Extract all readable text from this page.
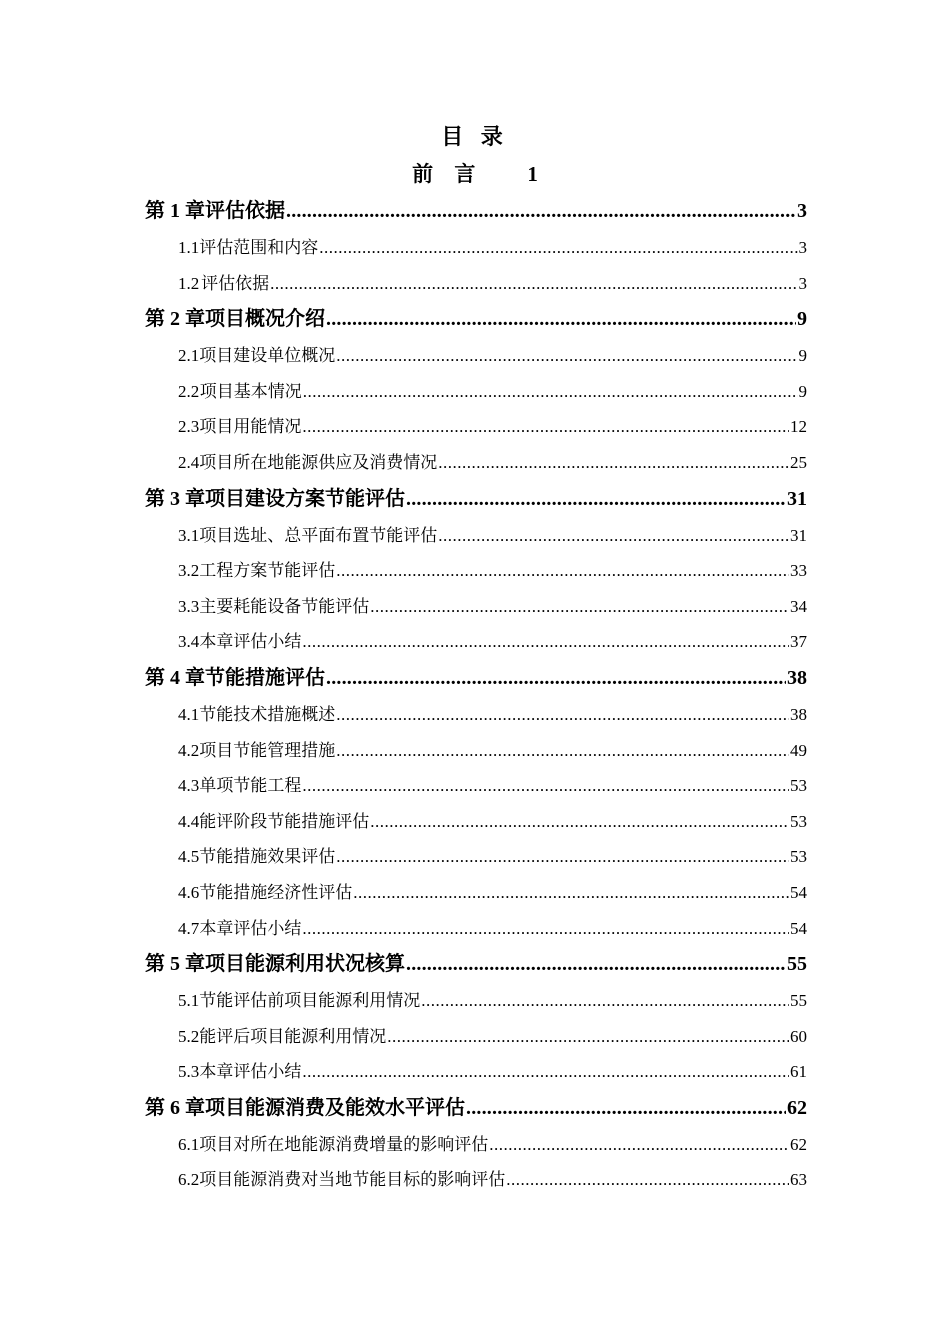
目 录
前 言 1
第 1 章 评估依据 .....	3
1.1 评估范围和内容 .....	3
1.2 评估依据 .....	3
第 2 章 项目概况介绍 .....	9
2.1 项目建设单位概况 .....	9
2.2 项目基本情况 .....	9
2.3 项目用能情况 .....	12
2.4 项目所在地能源供应及消费情况 .....	25
第 3 章 项目建设方案节能评估 .....	31
3.1 项目选址、总平面布置节能评估 .....	31
3.2 工程方案节能评估 .....	33
3.3 主要耗能设备节能评估 .....	34
3.4 本章评估小结 .....	37
第 4 章 节能措施评估 .....	38
4.1 节能技术措施概述 .....	38
4.2 项目节能管理措施 .....	49
4.3 单项节能工程 .....	53
4.4 能评阶段节能措施评估 .....	53
4.5 节能措施效果评估 .....	53
4.6 节能措施经济性评估 .....	54
4.7 本章评估小结 .....	54
第 5 章 项目能源利用状况核算 .....	55
5.1 节能评估前项目能源利用情况 .....	55
5.2 能评后项目能源利用情况 .....	60
5.3 本章评估小结 .....	61
第 6 章 项目能源消费及能效水平评估 .....	62
6.1 项目对所在地能源消费增量的影响评估 .....	62
6.2 项目能源消费对当地节能目标的影响评估 .....	63
